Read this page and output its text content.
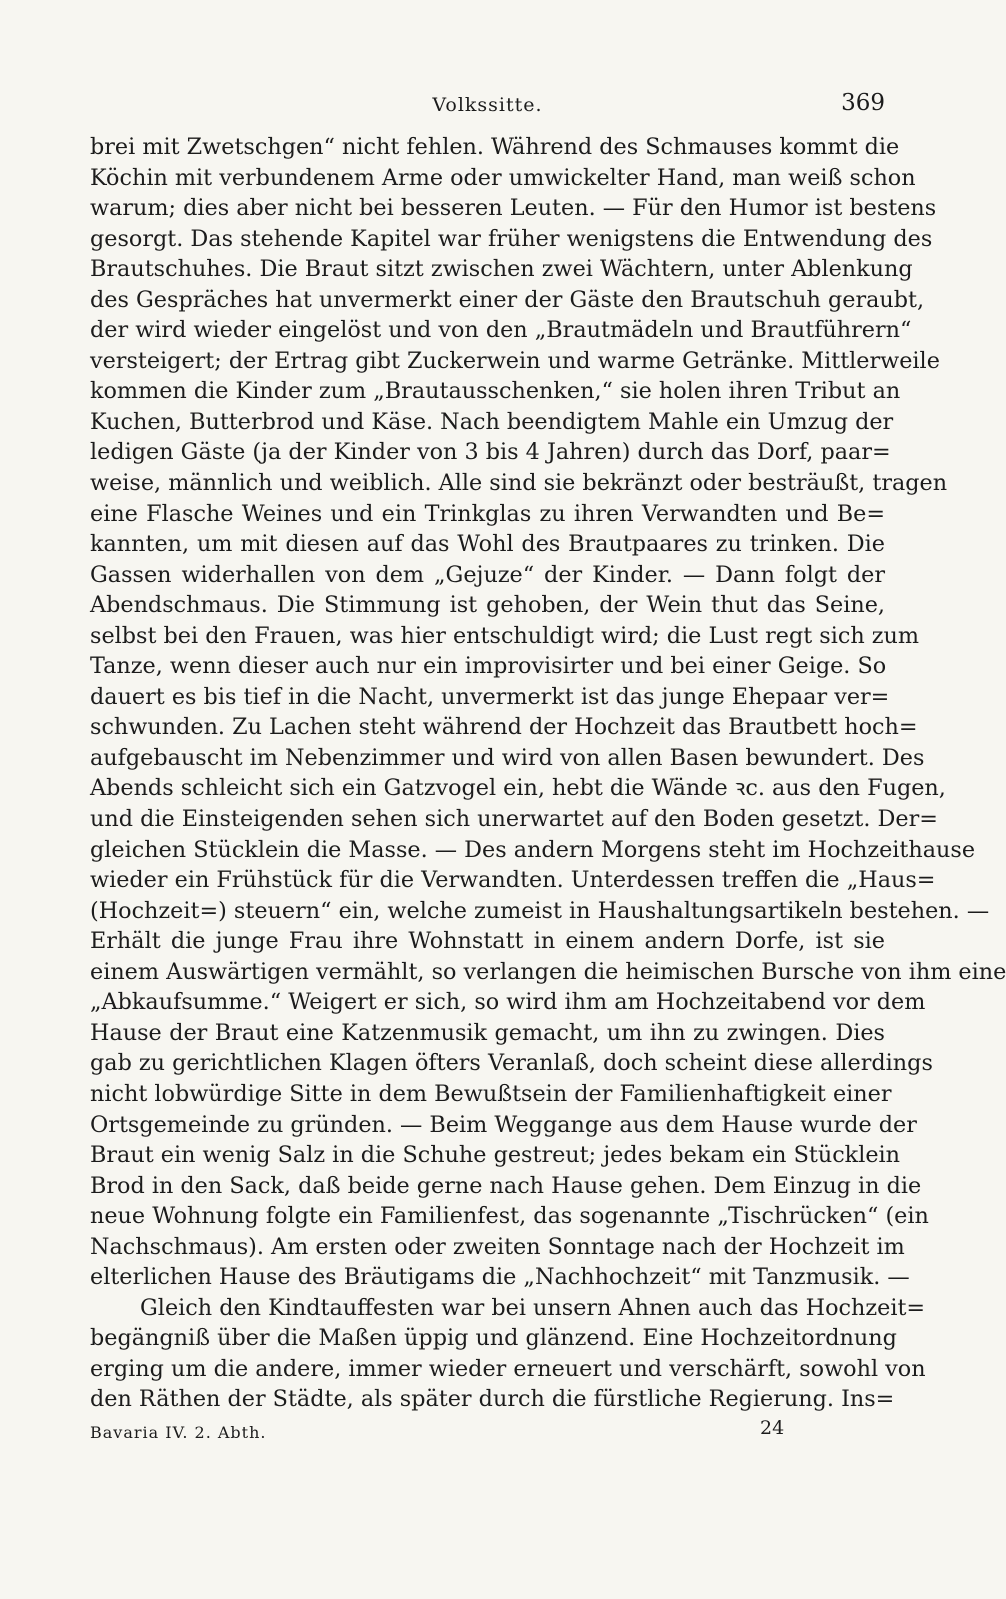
Volkssitte.	369
brei mit Zwetschgen“ nicht fehlen. Während des Schmauses kommt die
Köchin mit verbundenem Arme oder umwickelter Hand, man weiß schon
warum; dies aber nicht bei besseren Leuten. — Für den Humor ist bestens
gesorgt. Das stehende Kapitel war früher wenigstens die Entwendung des
Brautschuhes. Die Braut sitzt zwischen zwei Wächtern, unter Ablenkung
des Gespräches hat unvermerkt einer der Gäste den Brautschuh geraubt,
der wird wieder eingelöst und von den „Brautmädeln und Brautführern“
versteigert; der Ertrag gibt Zuckerwein und warme Getränke. Mittlerweile
kommen die Kinder zum „Brautausschenken,“ sie holen ihren Tribut an
Kuchen, Butterbrod und Käse. Nach beendigtem Mahle ein Umzug der
ledigen Gäste (ja der Kinder von 3 bis 4 Jahren) durch das Dorf, paar=
weise, männlich und weiblich. Alle sind sie bekränzt oder besträußt, tragen
eine Flasche Weines und ein Trinkglas zu ihren Verwandten und Be=
kannten, um mit diesen auf das Wohl des Brautpaares zu trinken. Die
Gassen widerhallen von dem „Gejuze“ der Kinder. — Dann folgt der
Abendschmaus. Die Stimmung ist gehoben, der Wein thut das Seine,
selbst bei den Frauen, was hier entschuldigt wird; die Lust regt sich zum
Tanze, wenn dieser auch nur ein improvisirter und bei einer Geige. So
dauert es bis tief in die Nacht, unvermerkt ist das junge Ehepaar ver=
schwunden. Zu Lachen steht während der Hochzeit das Brautbett hoch=
aufgebauscht im Nebenzimmer und wird von allen Basen bewundert. Des
Abends schleicht sich ein Gatzvogel ein, hebt die Wände ꝛc. aus den Fugen,
und die Einsteigenden sehen sich unerwartet auf den Boden gesetzt. Der=
gleichen Stücklein die Masse. — Des andern Morgens steht im Hochzeithause
wieder ein Frühstück für die Verwandten. Unterdessen treffen die „Haus=
(Hochzeit=) steuern“ ein, welche zumeist in Haushaltungsartikeln bestehen. —
Erhält die junge Frau ihre Wohnstatt in einem andern Dorfe, ist sie
einem Auswärtigen vermählt, so verlangen die heimischen Bursche von ihm eine
„Abkaufsumme.“ Weigert er sich, so wird ihm am Hochzeitabend vor dem
Hause der Braut eine Katzenmusik gemacht, um ihn zu zwingen. Dies
gab zu gerichtlichen Klagen öfters Veranlaß, doch scheint diese allerdings
nicht lobwürdige Sitte in dem Bewußtsein der Familienhaftigkeit einer
Ortsgemeinde zu gründen. — Beim Weggange aus dem Hause wurde der
Braut ein wenig Salz in die Schuhe gestreut; jedes bekam ein Stücklein
Brod in den Sack, daß beide gerne nach Hause gehen. Dem Einzug in die
neue Wohnung folgte ein Familienfest, das sogenannte „Tischrücken“ (ein
Nachschmaus). Am ersten oder zweiten Sonntage nach der Hochzeit im
elterlichen Hause des Bräutigams die „Nachhochzeit“ mit Tanzmusik. —
Gleich den Kindtauffesten war bei unsern Ahnen auch das Hochzeit=
begängniß über die Maßen üppig und glänzend. Eine Hochzeitordnung
erging um die andere, immer wieder erneuert und verschärft, sowohl von
den Räthen der Städte, als später durch die fürstliche Regierung. Ins=
Bavaria IV. 2. Abth.	24
